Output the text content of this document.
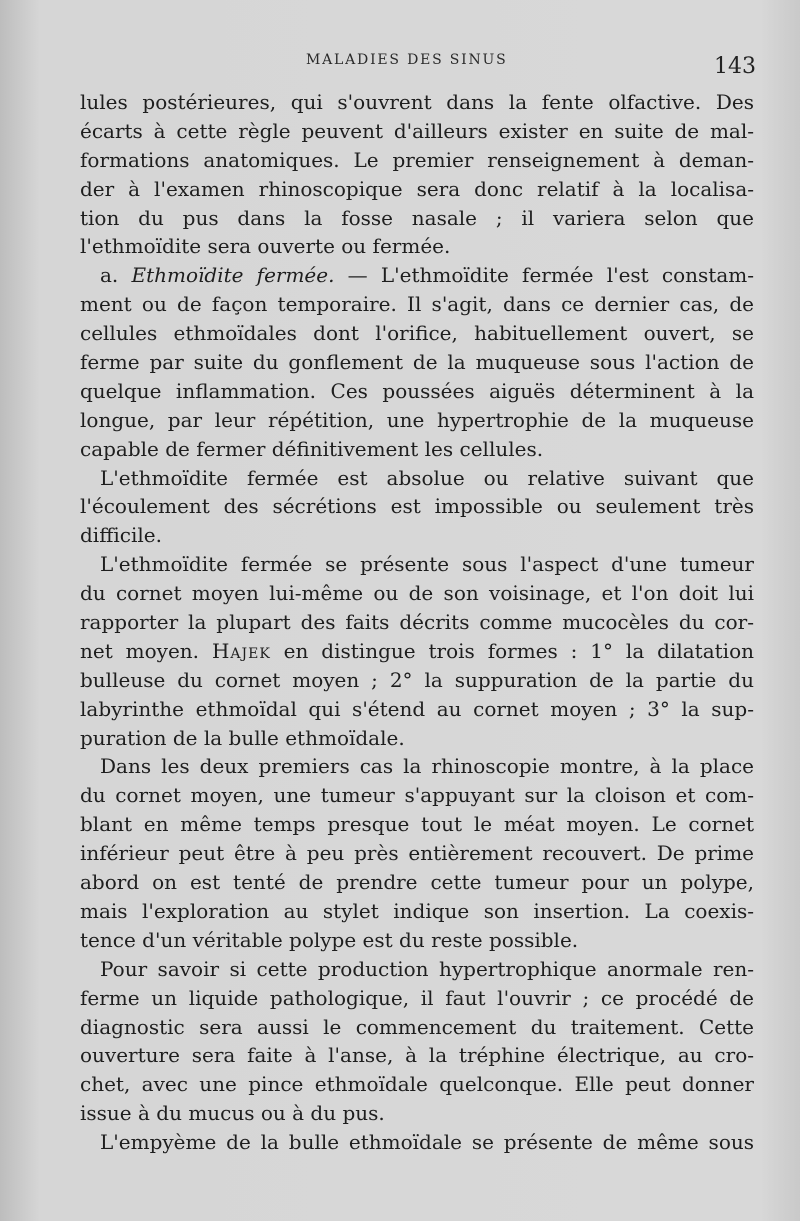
MALADIES DES SINUS	143
lules postérieures, qui s'ouvrent dans la fente olfactive. Des
écarts à cette règle peuvent d'ailleurs exister en suite de mal-
formations anatomiques. Le premier renseignement à deman-
der à l'examen rhinoscopique sera donc relatif à la localisa-
tion du pus dans la fosse nasale ; il variera selon que
l'ethmoïdite sera ouverte ou fermée.
a. Ethmoïdite fermée. — L'ethmoïdite fermée l'est constam-
ment ou de façon temporaire. Il s'agit, dans ce dernier cas, de
cellules ethmoïdales dont l'orifice, habituellement ouvert, se
ferme par suite du gonflement de la muqueuse sous l'action de
quelque inflammation. Ces poussées aiguës déterminent à la
longue, par leur répétition, une hypertrophie de la muqueuse
capable de fermer définitivement les cellules.
L'ethmoïdite fermée est absolue ou relative suivant que
l'écoulement des sécrétions est impossible ou seulement très
difficile.
L'ethmoïdite fermée se présente sous l'aspect d'une tumeur
du cornet moyen lui-même ou de son voisinage, et l'on doit lui
rapporter la plupart des faits décrits comme mucocèles du cor-
net moyen. Hajek en distingue trois formes : 1° la dilatation
bulleuse du cornet moyen ; 2° la suppuration de la partie du
labyrinthe ethmoïdal qui s'étend au cornet moyen ; 3° la sup-
puration de la bulle ethmoïdale.
Dans les deux premiers cas la rhinoscopie montre, à la place
du cornet moyen, une tumeur s'appuyant sur la cloison et com-
blant en même temps presque tout le méat moyen. Le cornet
inférieur peut être à peu près entièrement recouvert. De prime
abord on est tenté de prendre cette tumeur pour un polype,
mais l'exploration au stylet indique son insertion. La coexis-
tence d'un véritable polype est du reste possible.
Pour savoir si cette production hypertrophique anormale ren-
ferme un liquide pathologique, il faut l'ouvrir ; ce procédé de
diagnostic sera aussi le commencement du traitement. Cette
ouverture sera faite à l'anse, à la tréphine électrique, au cro-
chet, avec une pince ethmoïdale quelconque. Elle peut donner
issue à du mucus ou à du pus.
L'empyème de la bulle ethmoïdale se présente de même sous
